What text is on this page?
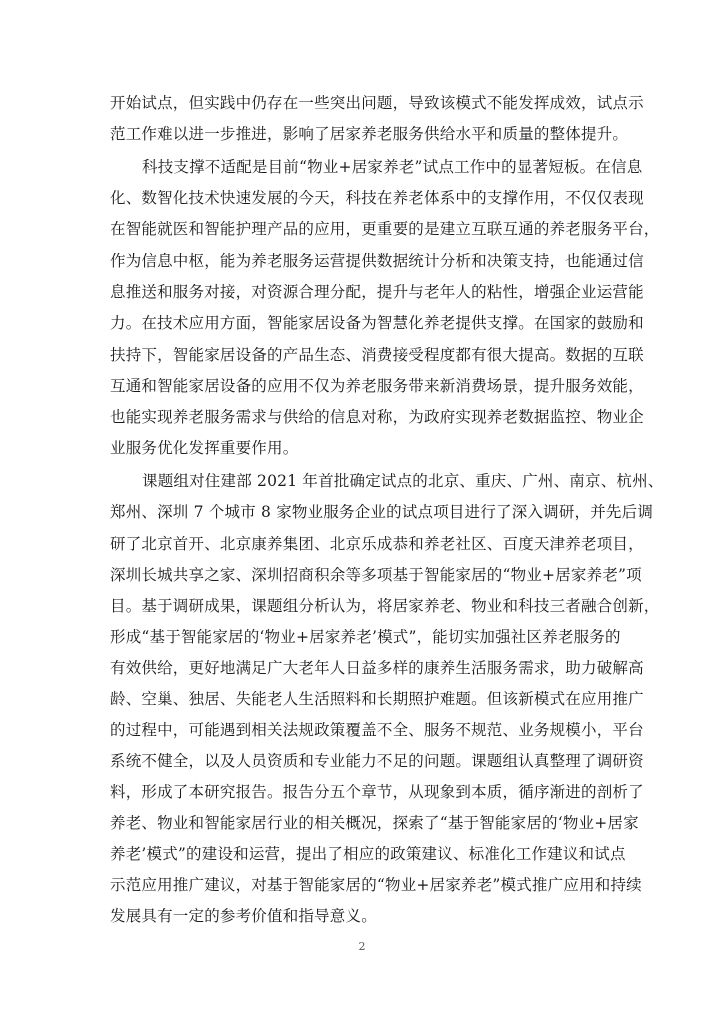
开始试点，但实践中仍存在一些突出问题，导致该模式不能发挥成效，试点示
范工作难以进一步推进，影响了居家养老服务供给水平和质量的整体提升。
科技支撑不适配是目前“物业+居家养老”试点工作中的显著短板。在信息
化、数智化技术快速发展的今天，科技在养老体系中的支撑作用，不仅仅表现
在智能就医和智能护理产品的应用，更重要的是建立互联互通的养老服务平台，
作为信息中枢，能为养老服务运营提供数据统计分析和决策支持，也能通过信
息推送和服务对接，对资源合理分配，提升与老年人的粘性，增强企业运营能
力。在技术应用方面，智能家居设备为智慧化养老提供支撑。在国家的鼓励和
扶持下，智能家居设备的产品生态、消费接受程度都有很大提高。数据的互联
互通和智能家居设备的应用不仅为养老服务带来新消费场景，提升服务效能，
也能实现养老服务需求与供给的信息对称，为政府实现养老数据监控、物业企
业服务优化发挥重要作用。
课题组对住建部 2021 年首批确定试点的北京、重庆、广州、南京、杭州、
郑州、深圳 7 个城市 8 家物业服务企业的试点项目进行了深入调研，并先后调
研了北京首开、北京康养集团、北京乐成恭和养老社区、百度天津养老项目，
深圳长城共享之家、深圳招商积余等多项基于智能家居的“物业+居家养老”项
目。基于调研成果，课题组分析认为，将居家养老、物业和科技三者融合创新，
形成“基于智能家居的‘物业+居家养老’模式”，能切实加强社区养老服务的
有效供给，更好地满足广大老年人日益多样的康养生活服务需求，助力破解高
龄、空巢、独居、失能老人生活照料和长期照护难题。但该新模式在应用推广
的过程中，可能遇到相关法规政策覆盖不全、服务不规范、业务规模小，平台
系统不健全，以及人员资质和专业能力不足的问题。课题组认真整理了调研资
料，形成了本研究报告。报告分五个章节，从现象到本质，循序渐进的剖析了
养老、物业和智能家居行业的相关概况，探索了“基于智能家居的‘物业+居家
养老’模式”的建设和运营，提出了相应的政策建议、标准化工作建议和试点
示范应用推广建议，对基于智能家居的“物业+居家养老”模式推广应用和持续
发展具有一定的参考价值和指导意义。
2
